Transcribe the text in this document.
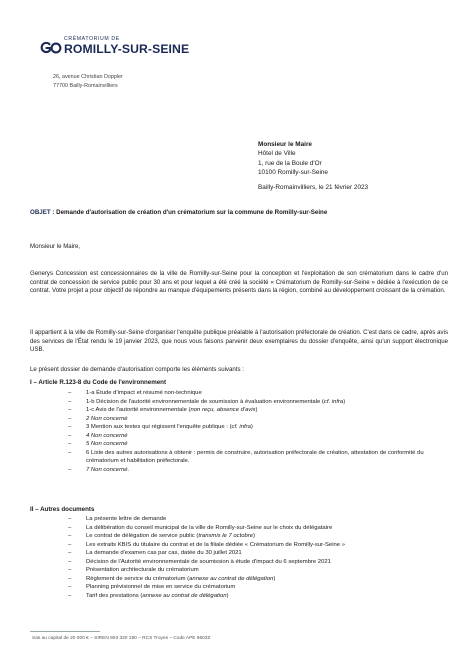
CRÉMATORIUM DE
ROMILLY-SUR-SEINE
26, avenue Christian Doppler
77700 Bailly-Romainvilliers
Monsieur le Maire
Hôtel de Ville
1, rue de la Boule d'Or
10100 Romilly-sur-Seine
Bailly-Romainvilliers, le 21 février 2023
OBJET : Demande d'autorisation de création d'un crématorium sur la commune de Romilly-sur-Seine
Monsieur le Maire,

Generys Concession est concessionnaires de la ville de Romilly-sur-Seine pour la conception et l'exploitation de son crématorium dans le cadre d'un contrat de concession de service public pour 30 ans et pour lequel a été créé la société « Crématorium de Romilly-sur-Seine » dédiée à l'exécution de ce contrat. Votre projet a pour objectif de répondre au manque d'équipements présents dans la région, combiné au développement croissant de la crémation.

Il appartient à la ville de Romilly-sur-Seine d'organiser l'enquête publique préalable à l'autorisation préfectorale de création. C'est dans ce cadre, après avis des services de l'État rendu le 19 janvier 2023, que nous vous faisons parvenir deux exemplaires du dossier d'enquête, ainsi qu'un support électronique USB.

Le présent dossier de demande d'autorisation comporte les éléments suivants :

I – Article R.123-8 du Code de l'environnement
– 1-a Étude d'impact et résumé non-technique
– 1-b Décision de l'autorité environnementale de soumission à évaluation environnementale (cf. infra)
– 1-c Avis de l'autorité environnementale (non reçu, absence d'avis)
– 2 Non concerné
– 3 Mention aux textes qui régissent l'enquête publique : (cf. infra)
– 4 Non concerné
– 5 Non concerné
– 6 Liste des autres autorisations à obtenir : permis de construire, autorisation préfectorale de création, attestation de conformité du crématorium et habilitation préfectorale.
– 7 Non concerné.
II – Autres documents
– La présente lettre de demande
– La délibération du conseil municipal de la ville de Romilly-sur-Seine sur le choix du délégataire
– Le contrat de délégation de service public (transmis le 7 octobre)
– Les extraits KBIS du titulaire du contrat et de la filiale dédiée « Crématorium de Romilly-sur-Seine »
– La demande d'examen cas par cas, datée du 30 juillet 2021
– Décision de l'Autorité environnementale de soumission à étude d'impact du 6 septembre 2021
– Présentation architecturale du crématorium
– Règlement de service du crématorium (annexe au contrat de délégation)
– Planning prévisionnel de mise en service du crématorium
– Tarif des prestations (annexe au contrat de délégation)
Sas au capital de 20 000 € – SIREN 903 320 190 – RCS Troyes – Code APE 9603Z
